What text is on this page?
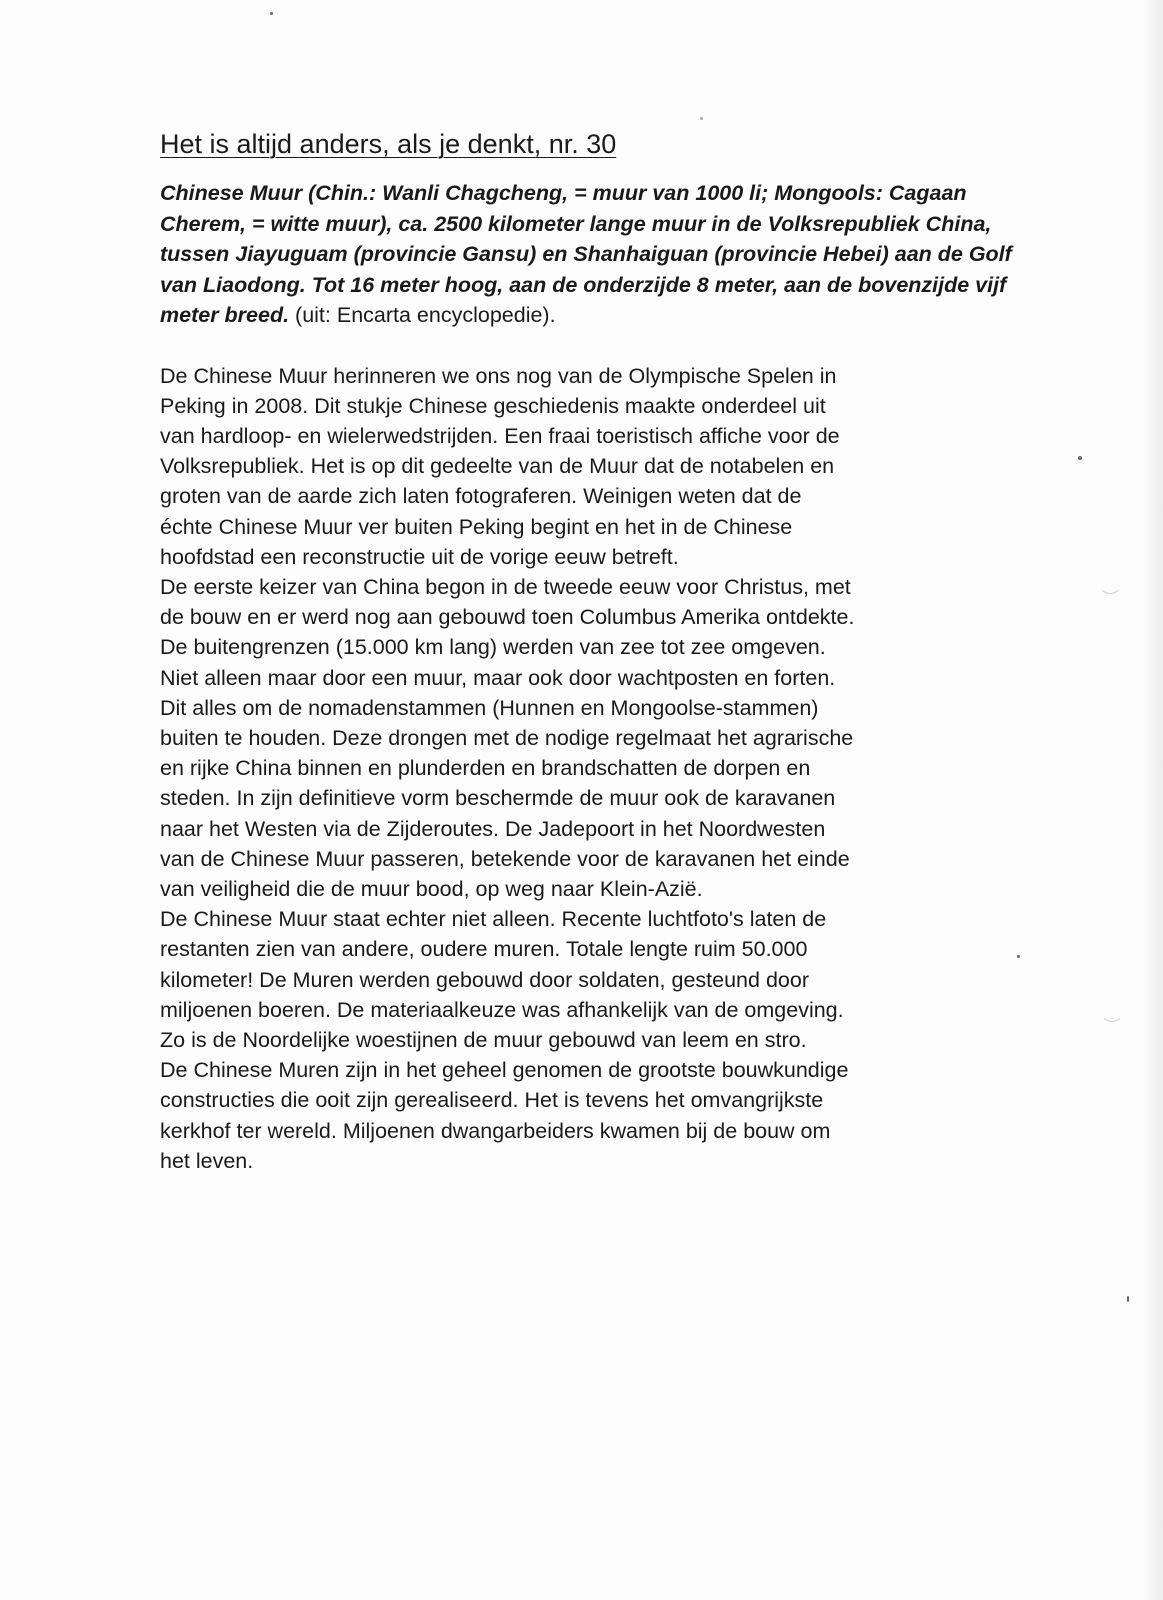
Het is altijd anders, als je denkt, nr. 30

Chinese Muur (Chin.: Wanli Chagcheng, = muur van 1000 li; Mongools: Cagaan Cherem, = witte muur), ca. 2500 kilometer lange muur in de Volksrepubliek China, tussen Jiayuguam (provincie Gansu) en Shanhaiguan (provincie Hebei) aan de Golf van Liaodong. Tot 16 meter hoog, aan de onderzijde 8 meter, aan de bovenzijde vijf meter breed. (uit: Encarta encyclopedie).

De Chinese Muur herinneren we ons nog van de Olympische Spelen in

Peking in 2008. Dit stukje Chinese geschiedenis maakte onderdeel uit

van hardloop- en wielerwedstrijden. Een fraai toeristisch affiche voor de

Volksrepubliek. Het is op dit gedeelte van de Muur dat de notabelen en

groten van de aarde zich laten fotograferen. Weinigen weten dat de

échte Chinese Muur ver buiten Peking begint en het in de Chinese

hoofdstad een reconstructie uit de vorige eeuw betreft.

De eerste keizer van China begon in de tweede eeuw voor Christus, met

de bouw en er werd nog aan gebouwd toen Columbus Amerika ontdekte.

De buitengrenzen (15.000 km lang) werden van zee tot zee omgeven.

Niet alleen maar door een muur, maar ook door wachtposten en forten.

Dit alles om de nomadenstammen (Hunnen en Mongoolse-stammen)

buiten te houden. Deze drongen met de nodige regelmaat het agrarische

en rijke China binnen en plunderden en brandschatten de dorpen en

steden. In zijn definitieve vorm beschermde de muur ook de karavanen

naar het Westen via de Zijderoutes. De Jadepoort in het Noordwesten

van de Chinese Muur passeren, betekende voor de karavanen het einde

van veiligheid die de muur bood, op weg naar Klein-Azië.

De Chinese Muur staat echter niet alleen. Recente luchtfoto's laten de

restanten zien van andere, oudere muren. Totale lengte ruim 50.000

kilometer! De Muren werden gebouwd door soldaten, gesteund door

miljoenen boeren. De materiaalkeuze was afhankelijk van de omgeving.

Zo is de Noordelijke woestijnen de muur gebouwd van leem en stro.

De Chinese Muren zijn in het geheel genomen de grootste bouwkundige

constructies die ooit zijn gerealiseerd. Het is tevens het omvangrijkste

kerkhof ter wereld. Miljoenen dwangarbeiders kwamen bij de bouw om

het leven.
